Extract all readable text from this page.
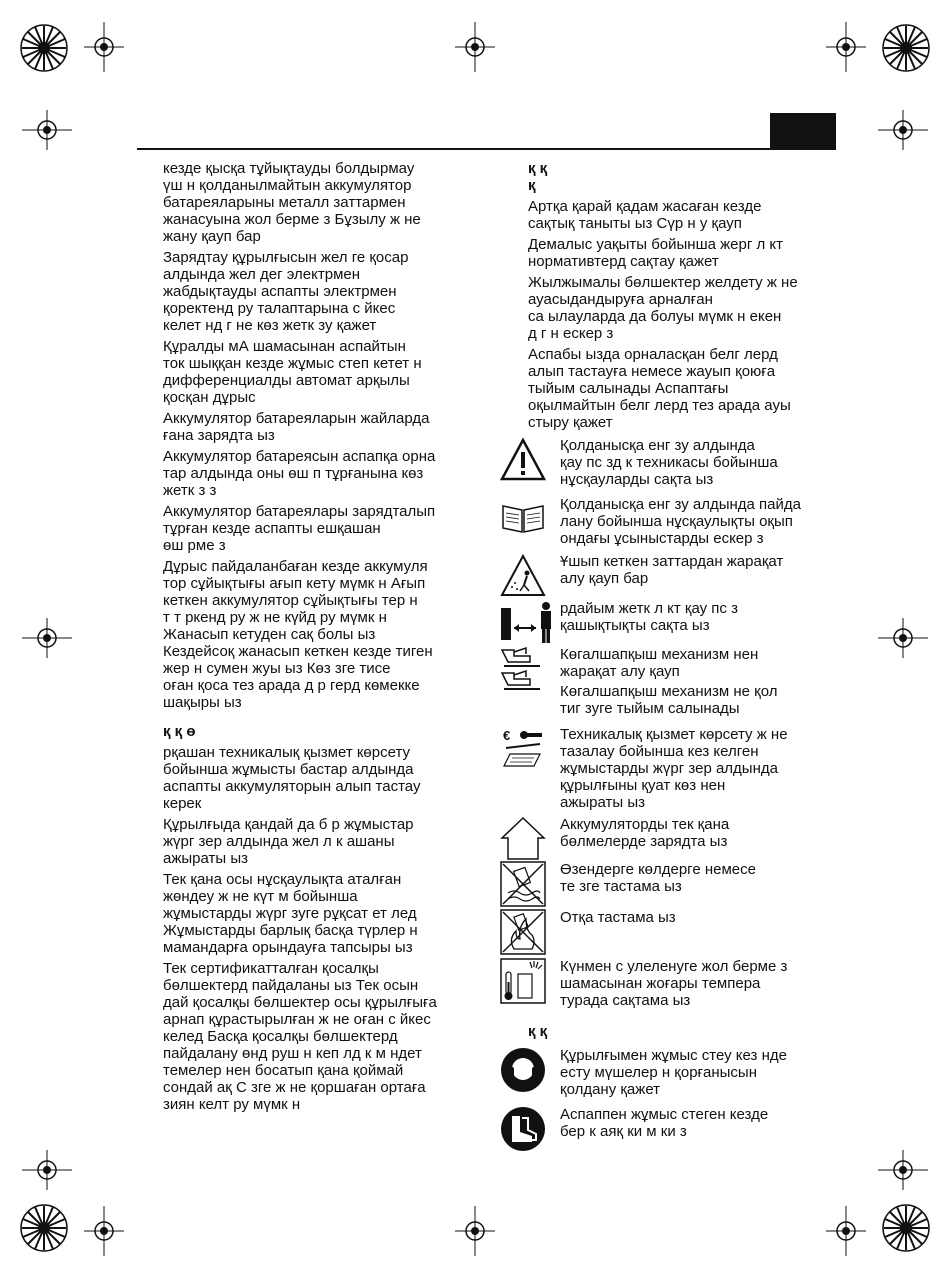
кезде қысқа тұйықтауды болдырмау
үш н қолданылмайтын аккумулятор
батареяларыны металл заттармен
жанасуына жол берме з Бұзылу ж не
жану қауп бар

Зарядтау құрылғысын жел ге қосар
алдында жел дег электрмен
жабдықтауды аспапты электрмен
қоректенд ру талаптарына с йкес
келет нд г не көз жетк зу қажет

Құралды мА шамасынан аспайтын
ток шыққан кезде жұмыс степ кетет н
дифференциалды автомат арқылы
қосқан дұрыс

Аккумулятор батареяларын жайларда
ғана зарядта ыз

Аккумулятор батареясын аспапқа орна
тар алдында оны өш п тұрғанына көз
жетк з з

Аккумулятор батареялары зарядталып
тұрған кезде аспапты ешқашан
өш рме з

Дұрыс пайдаланбаған кезде аккумуля
тор сұйықтығы ағып кету мүмк н Ағып
кеткен аккумулятор сұйықтығы тер н
т т ркенд ру ж не күйд ру мүмк н
Жанасып кетуден сақ болы ыз
Кездейсоқ жанасып кеткен кезде тиген
жер н сумен жуы ыз Көз зге тисе
оған қоса тез арада д р герд көмекке
шақыры ыз

қ қ ө

рқашан техникалық қызмет көрсету
бойынша жұмысты бастар алдында
аспапты аккумуляторын алып тастау
керек

Құрылғыда қандай да б р жұмыстар
жүрг зер алдында жел л к ашаны
ажыраты ыз

Тек қана осы нұсқаулықта аталған
жөндеу ж не күт м бойынша
жұмыстарды жүрг зуге рұқсат ет лед
Жұмыстарды барлық басқа түрлер н
мамандарға орындауға тапсыры ыз

Тек сертификатталған қосалқы
бөлшектерд пайдаланы ыз Тек осын
дай қосалқы бөлшектер осы құрылғыға
арнап құрастырылған ж не оған с йкес
келед Басқа қосалқы бөлшектерд
пайдалану өнд руш н кеп лд к м ндет
темелер нен босатып қана қоймай
сондай ақ С зге ж не қоршаған ортаға
зиян келт ру мүмк н

қ қ
қ

Артқа қарай қадам жасаған кезде
сақтық таныты ыз Сүр н у қауп

Демалыс уақыты бойынша жерг л кт
нормативтерд сақтау қажет

Жылжымалы бөлшектер желдету ж не
ауасыдандыруға арналған
са ылауларда да болуы мүмк н екен
д г н ескер з

Аспабы ызда орналасқан белг лерд
алып тастауға немесе жауып қоюға
тыйым салынады Аспаптағы
оқылмайтын белг лерд тез арада ауы
стыру қажет

Қолданысқа енг зу алдында
қау пс зд к техникасы бойынша
нұсқауларды сақта ыз
Қолданысқа енг зу алдында пайда
лану бойынша нұсқаулықты оқып
ондағы ұсыныстарды ескер з
Ұшып кеткен заттардан жарақат
алу қауп бар
рдайым жетк л кт қау пс з
қашықтықты сақта ыз
Көгалшапқыш механизм нен
жарақат алу қауп
Көгалшапқыш механизм не қол
тиг зуге тыйым салынады
€	Техникалық қызмет көрсету ж не
тазалау бойынша кез келген
жұмыстарды жүрг зер алдында
құрылғыны қуат көз нен
ажыраты ыз
Аккумуляторды тек қана
бөлмелерде зарядта ыз
Өзендерге көлдерге немесе
те зге тастама ыз
Отқа тастама ыз
Күнмен с улеленуге жол берме з
шамасынан жоғары темпера
турада сақтама ыз
қ қ
Құрылғымен жұмыс стеу кез нде
есту мүшелер н қорғанысын
қолдану қажет
Аспаппен жұмыс стеген кезде
бер к аяқ ки м ки з
